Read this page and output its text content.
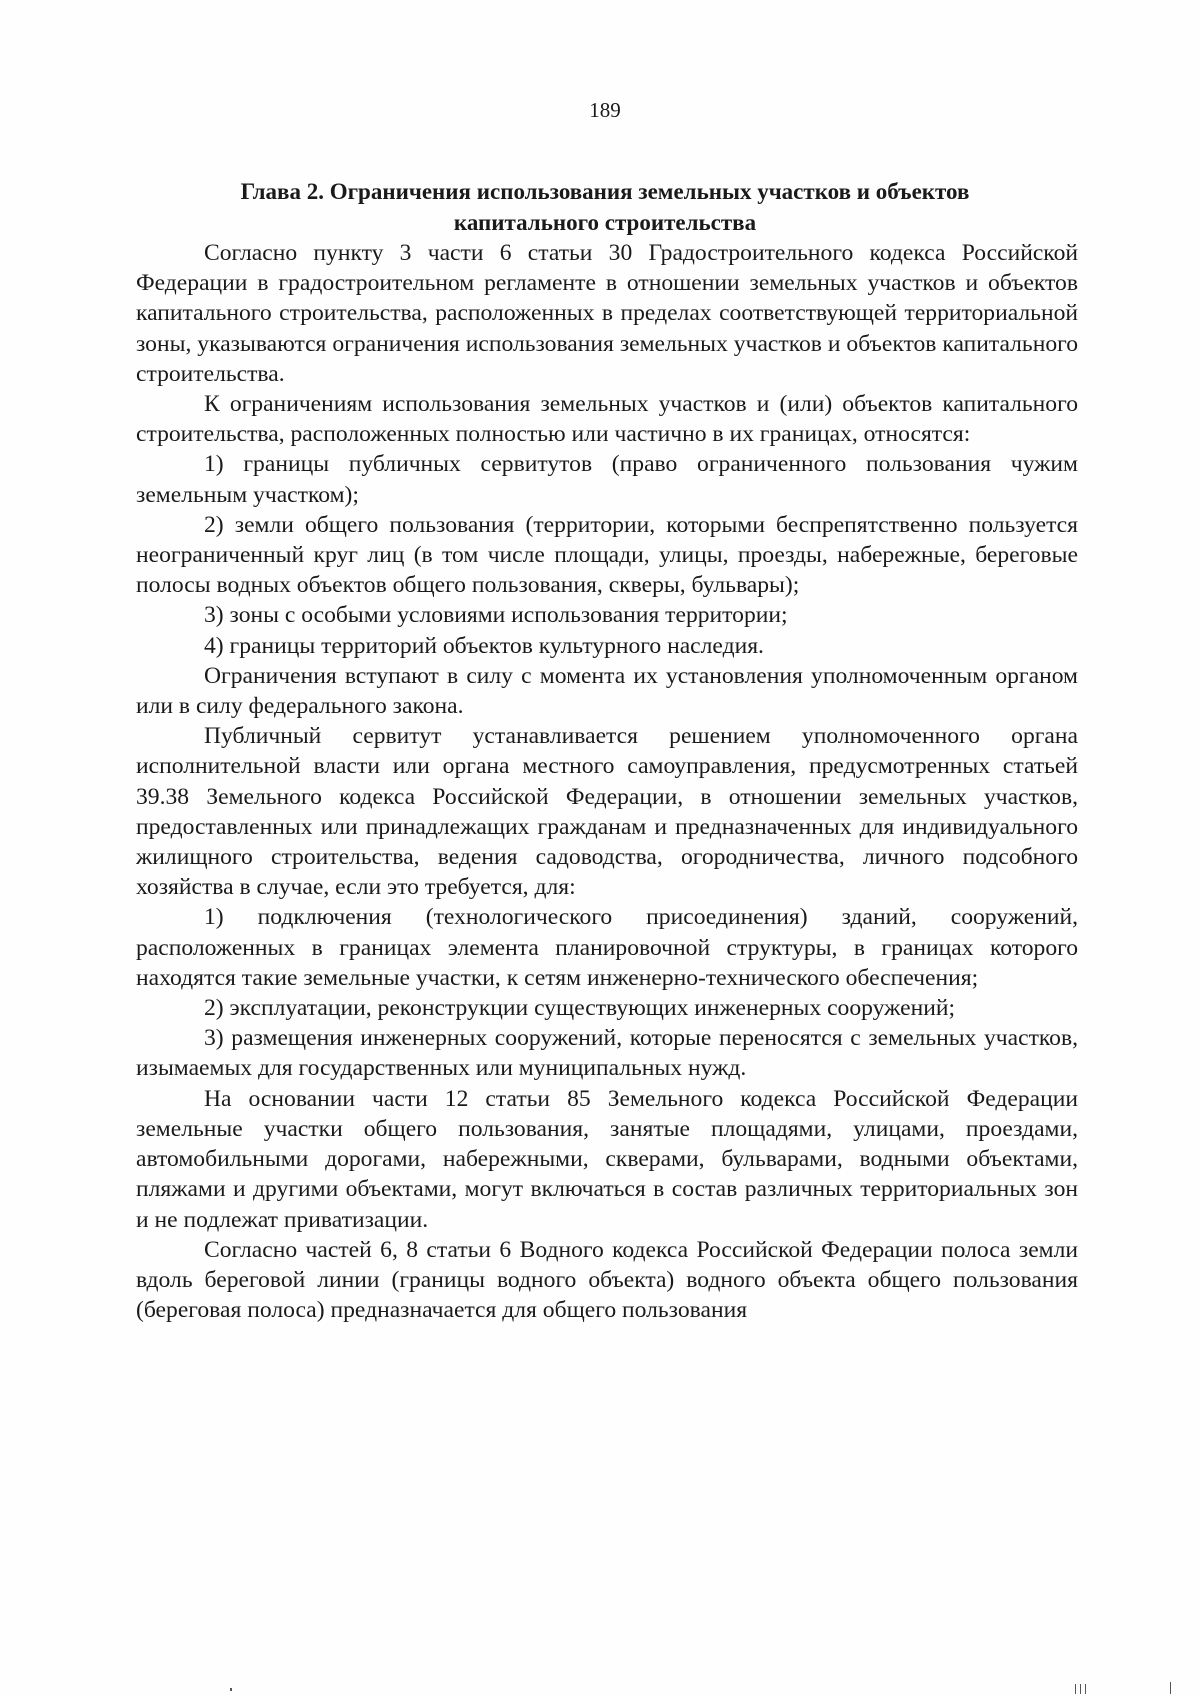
189
Глава 2. Ограничения использования земельных участков и объектов
капитального строительства

Согласно пункту 3 части 6 статьи 30 Градостроительного кодекса Российской Федерации в градостроительном регламенте в отношении земельных участков и объектов капитального строительства, расположенных в пределах соответствующей территориальной зоны, указываются ограничения использования земельных участков и объектов капитального строительства.

К ограничениям использования земельных участков и (или) объектов капитального строительства, расположенных полностью или частично в их границах, относятся:

1) границы публичных сервитутов (право ограниченного пользования чужим земельным участком);

2) земли общего пользования (территории, которыми беспрепятственно пользуется неограниченный круг лиц (в том числе площади, улицы, проезды, набережные, береговые полосы водных объектов общего пользования, скверы, бульвары);

3) зоны с особыми условиями использования территории;

4) границы территорий объектов культурного наследия.

Ограничения вступают в силу с момента их установления уполномоченным органом или в силу федерального закона.

Публичный сервитут устанавливается решением уполномоченного органа исполнительной власти или органа местного самоуправления, предусмотренных статьей 39.38 Земельного кодекса Российской Федерации, в отношении земельных участков, предоставленных или принадлежащих гражданам и предназначенных для индивидуального жилищного строительства, ведения садоводства, огородничества, личного подсобного хозяйства в случае, если это требуется, для:

1) подключения (технологического присоединения) зданий, сооружений, расположенных в границах элемента планировочной структуры, в границах которого находятся такие земельные участки, к сетям инженерно-технического обеспечения;

2) эксплуатации, реконструкции существующих инженерных сооружений;

3) размещения инженерных сооружений, которые переносятся с земельных участков, изымаемых для государственных или муниципальных нужд.

На основании части 12 статьи 85 Земельного кодекса Российской Федерации земельные участки общего пользования, занятые площадями, улицами, проездами, автомобильными дорогами, набережными, скверами, бульварами, водными объектами, пляжами и другими объектами, могут включаться в состав различных территориальных зон и не подлежат приватизации.

Согласно частей 6, 8 статьи 6 Водного кодекса Российской Федерации полоса земли вдоль береговой линии (границы водного объекта) водного объекта общего пользования (береговая полоса) предназначается для общего пользования
